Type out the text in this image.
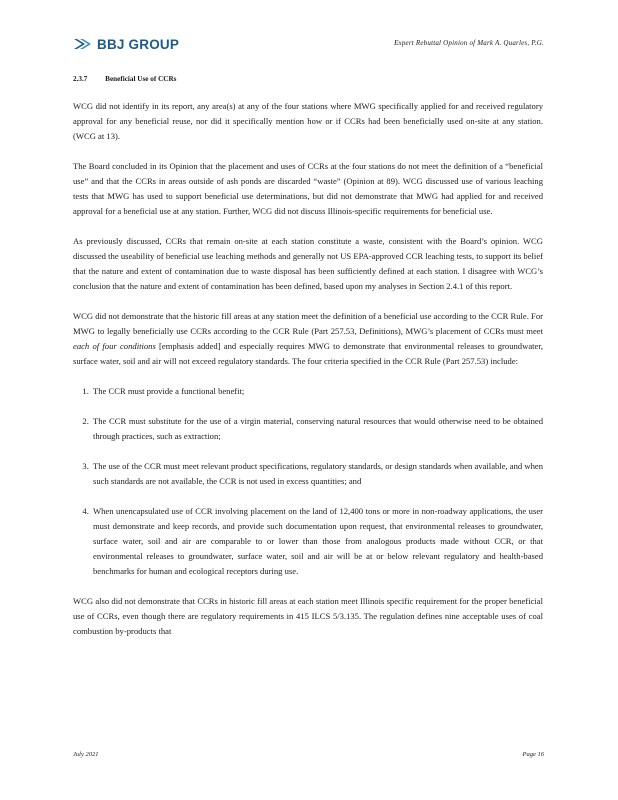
BBJ GROUP	Expert Rebuttal Opinion of Mark A. Quarles, P.G.
2.3.7 Beneficial Use of CCRs

WCG did not identify in its report, any area(s) at any of the four stations where MWG specifically applied for and received regulatory approval for any beneficial reuse, nor did it specifically mention how or if CCRs had been beneficially used on-site at any station. (WCG at 13).

The Board concluded in its Opinion that the placement and uses of CCRs at the four stations do not meet the definition of a “beneficial use” and that the CCRs in areas outside of ash ponds are discarded “waste” (Opinion at 89). WCG discussed use of various leaching tests that MWG has used to support beneficial use determinations, but did not demonstrate that MWG had applied for and received approval for a beneficial use at any station. Further, WCG did not discuss Illinois-specific requirements for beneficial use.

As previously discussed, CCRs that remain on-site at each station constitute a waste, consistent with the Board’s opinion. WCG discussed the useability of beneficial use leaching methods and generally not US EPA-approved CCR leaching tests, to support its belief that the nature and extent of contamination due to waste disposal has been sufficiently defined at each station. I disagree with WCG’s conclusion that the nature and extent of contamination has been defined, based upon my analyses in Section 2.4.1 of this report.

WCG did not demonstrate that the historic fill areas at any station meet the definition of a beneficial use according to the CCR Rule. For MWG to legally beneficially use CCRs according to the CCR Rule (Part 257.53, Definitions), MWG’s placement of CCRs must meet each of four conditions [emphasis added] and especially requires MWG to demonstrate that environmental releases to groundwater, surface water, soil and air will not exceed regulatory standards. The four criteria specified in the CCR Rule (Part 257.53) include:

1. The CCR must provide a functional benefit;
2. The CCR must substitute for the use of a virgin material, conserving natural resources that would otherwise need to be obtained through practices, such as extraction;
3. The use of the CCR must meet relevant product specifications, regulatory standards, or design standards when available, and when such standards are not available, the CCR is not used in excess quantities; and
4. When unencapsulated use of CCR involving placement on the land of 12,400 tons or more in non-roadway applications, the user must demonstrate and keep records, and provide such documentation upon request, that environmental releases to groundwater, surface water, soil and air are comparable to or lower than those from analogous products made without CCR, or that environmental releases to groundwater, surface water, soil and air will be at or below relevant regulatory and health-based benchmarks for human and ecological receptors during use.

WCG also did not demonstrate that CCRs in historic fill areas at each station meet Illinois specific requirement for the proper beneficial use of CCRs, even though there are regulatory requirements in 415 ILCS 5/3.135. The regulation defines nine acceptable uses of coal combustion by-products that

July 2021	Page 16
